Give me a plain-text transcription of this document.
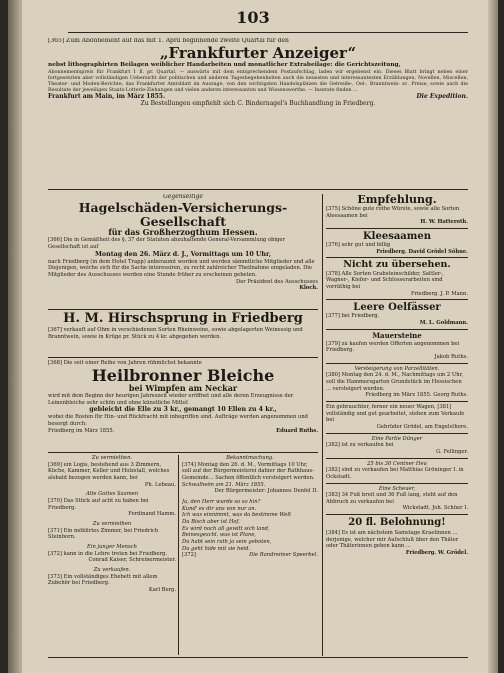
103
[365] Zum Abonnement auf das mit 1. April beginnende zweite Quartal für den
„Frankfurter Anzeiger“
nebst lithographirten Beilagen weiblicher Handarbeiten und monatlicher Extrabeilage: die Gerichtszeitung,
Abonnementspreis für Frankfurt 1 fl. pr. Quartal, — auswärts mit dem entsprechendem Postaufschlag, laden wir ergebenst ein. Dieses Blatt bringt neben einer fortgesetzten aber vollständigen Uebersicht der politischen und anderen Tagesbegebenheiten auch die neuesten und interessantesten Erzählungen, Novellen, Miscellen, Theater- und Moden-Berichte, das Frankfurter Amtsblatt im Auszuge, von den wichtigsten Handelsplätzen die Getreide-, Oel-, Branntwein- zc. Preise, sowie auch die Resultate der jeweiligen Staats-Lotterie-Ziehungen und vielen anderen interessanten und Wissenswerthe. — Inserate finden ...
Frankfurt am Main, im März 1855.	Die Expedition.
Zu Bestellungen empfiehlt sich C. Bindernagel's Buchhandlung in Friedberg.
Gegenseitige
Hagelschäden-Versicherungs-Gesellschaft
für das Großherzogthum Hessen.
[366] Die in Gemäßheit des §. 37 der Statuten abzuhaltende General-Versammlung obiger Gesellschaft ist auf
Montag den 26. März d. J., Vormittags um 10 Uhr,
nach Friedberg (in dem Hotel Trapp) anberaumt worden und werden sämmtliche Mitglieder und alle Diejenigen, welche sich für die Sache interessiren, zu recht zahlreicher Theilnahme eingeladen. Die Mitglieder des Ausschusses werden eine Stunde früher zu erscheinen gebeten.
Der Präsident des Ausschusses
Kloch.
H. M. Hirschsprung in Friedberg
[367] verkauft auf Ohm in verschiedenen Sorten Rheinweine, sowie abgelagerten Weinessig und Branntwein, sowie in Krüge pr. Stück zu 4 kr. abgegeben werden.
[368] Die seit einer Reihe von Jahren rühmlichst bekannte
Heilbronner Bleiche
bei Wimpfen am Neckar
wird mit dem Beginn der heurigen Jahreszeit wieder eröffnet und alle deren Erzeugnisse der Leinenbleiche sehr schön und ohne künstliche Mittel
gebleicht die Elle zu 3 kr., gemangt 10 Ellen zu 4 kr.,
wobei die Rosten für Hin- und Rückfracht mit inbegriffen sind. Aufträge werden angenommen und besorgt durch:
Friedberg im März 1855.	Eduard Ruths.
Zu vermiethen.
[369] ein Logis, bestehend aus 3 Zimmern, Küche, Kammer, Keller und Holzstall, welches alsbald bezogen werden kann, bei
Ph. Lebeau.
Alte Gottes Saamen
[370] Das Stück auf acht zu haben bei Friedberg.
Ferdinand Hamm.
Zu vermiethen
[371] Ein möblirtes Zimmer, bei Friedrich Steinborn.
Ein junger Mensch
[372] kann in die Lehre treten bei Friedberg.
Conrad Kaiser, Schreinermeister.
Zu verkaufen.
[373] Ein vollständiges Ehebett mit allem Zubehör bei Friedberg.
Karl Berg.
Bekanntmachung.
[374] Montag den 26. d. M., Vormittags 10 Uhr, soll auf der Bürgermeisterei dahier der Rathhaus-Gemeinde... Sachen öffentlich versteigert werden.
Schwalheim am 21. März 1855.
Der Bürgermeister: Johannes Denfel II.
Ja, den Herr wurde so so hin?
Kund' es dir uns von nur an.
Ich was einnimmt, was da bestimme Welt
Du Bisch aber ist Hof.
Es wird noch all gewitt sich land,
Beinesgeschl. was ist Plane,
Du habt sein rath ja sein geboten,
Du geht hide mit sie heid.
[372]	Die Randreimer Speerbel.
Empfehlung.
[375] Schöne gute rothe Würste, sowie alle Sorten Aleesaamen bei
H. W. Hatteroth.
Kleesaamen
[376] sehr gut und billig
Friedberg. David Grödel Söhne.
Nicht zu übersehen.
[378] Alle Sorten Grabsteinschilder, Sattler-, Wagner-, Kiefer- und Schlosserarbeiten sind vorräthig bei
Friedberg. J. P. Mann.
Leere Oelfässer
[377] bei Friedberg.
M. L. Goldmann.
Mauersteine
[379] zu kaufen werden Offerten angenommen bei Friedberg.
Jakob Ruths.
Versteigerung von Parzellitäten.
[380] Montag den 24. d. M., Nachmittags um 2 Uhr, soll die Hammersgarten Grundstück im Hessischen ... versteigert werden.
Friedberg im März 1855. Georg Ruths.
Ein gebrauchter, ferner ein neuer Wagen, [381] vollständig und gut gearbeitet, stehen zum Verkaufe bei
Gebrüder Grödel, am Engelsthore.
Eine Partie Dünger
[382] ist zu verkaufen bei
G. Fellinger.
25 bis 30 Centner Heu
[382] sind zu verkaufen bei Matthias Gröninger I. in Ockstadt.
Eine Scheuer,
[383] 34 Fuß breit und 36 Fuß lang, steht auf den Abbruch zu verkaufen bei
Wickstadt. Joh. Schüer I.
20 fl. Belohnung!
[384] Es ist am nächstem Samstage Kraelinnen ... derjenige, welcher mir Aufschluß über den Thäter oder Thäterinnen geben kann ...
Friedberg. W. Grödel.
